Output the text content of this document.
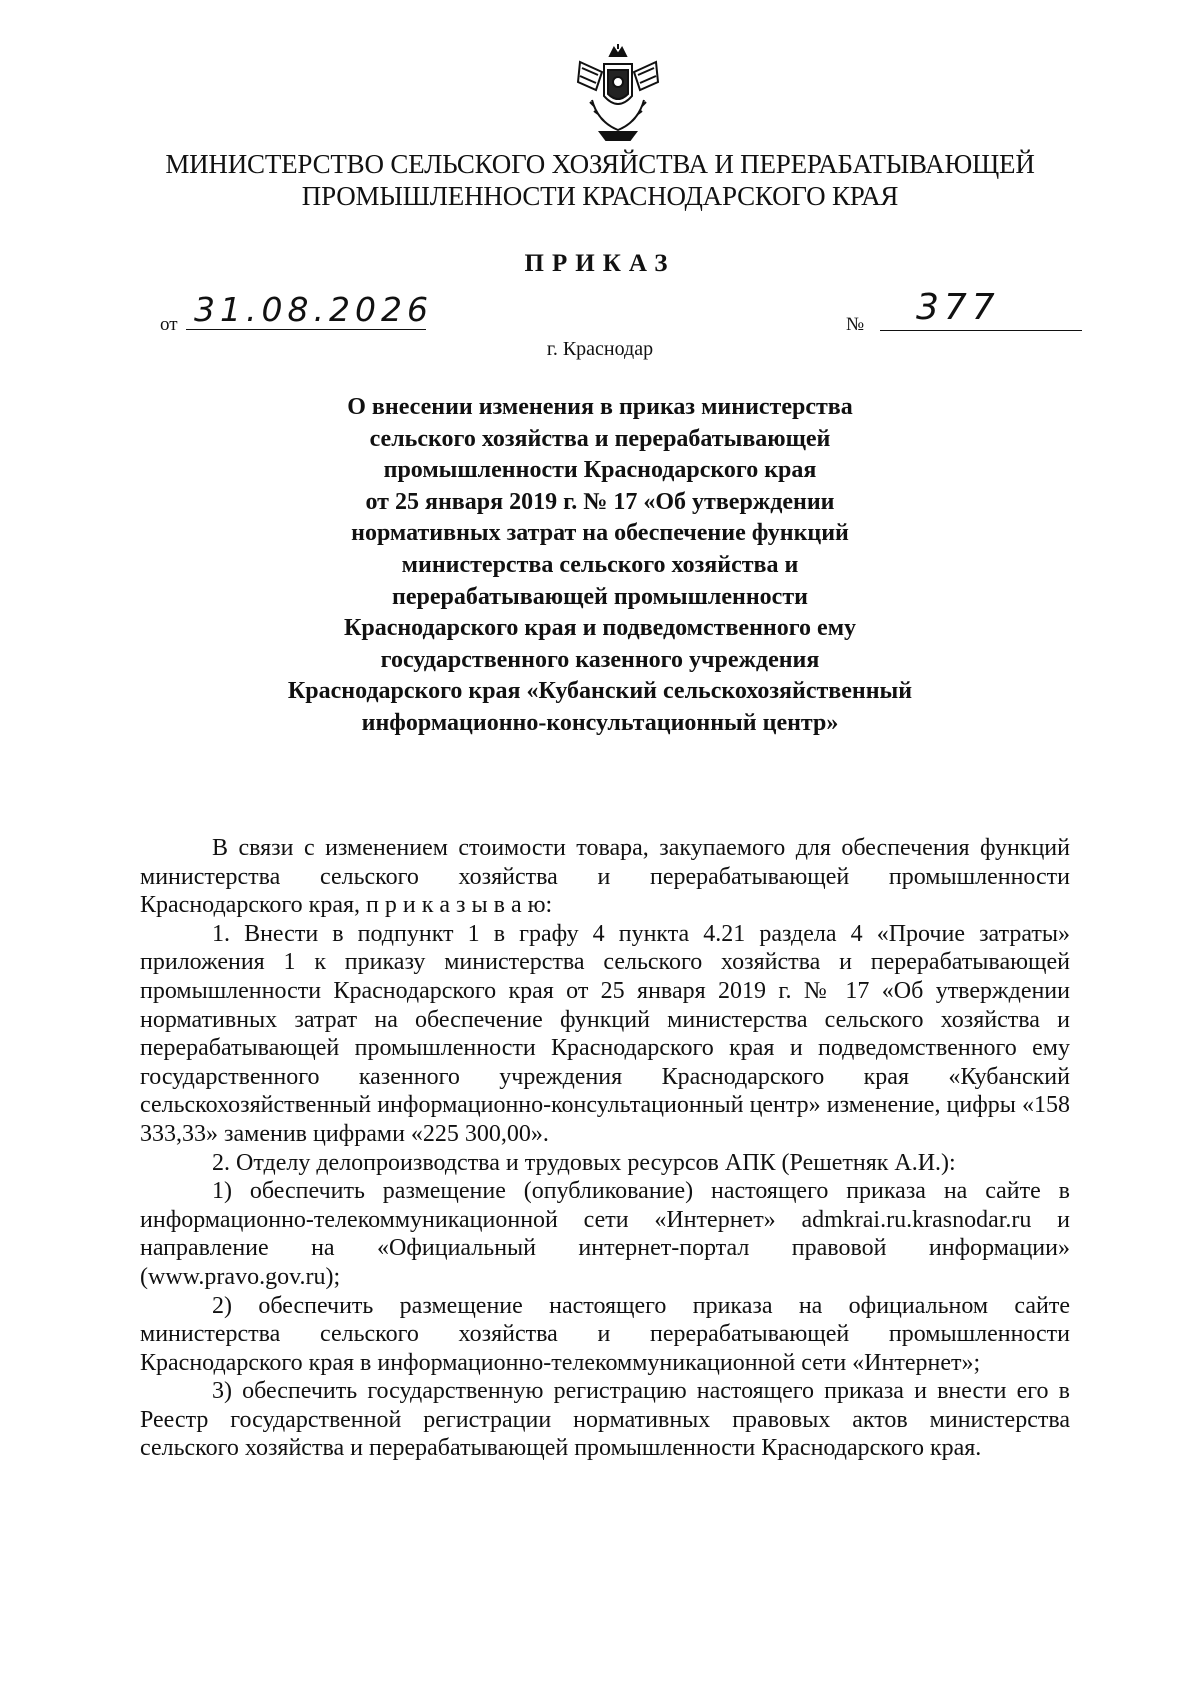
МИНИСТЕРСТВО СЕЛЬСКОГО ХОЗЯЙСТВА И ПЕРЕРАБАТЫВАЮЩЕЙ
ПРОМЫШЛЕННОСТИ КРАСНОДАРСКОГО КРАЯ
ПРИКАЗ
от 31.08.2026	№	377
г. Краснодар
О внесении изменения в приказ министерства
сельского хозяйства и перерабатывающей
промышленности Краснодарского края
от 25 января 2019 г. № 17 «Об утверждении
нормативных затрат на обеспечение функций
министерства сельского хозяйства и
перерабатывающей промышленности
Краснодарского края и подведомственного ему
государственного казенного учреждения
Краснодарского края «Кубанский сельскохозяйственный
информационно-консультационный центр»

В связи с изменением стоимости товара, закупаемого для обеспечения функций министерства сельского хозяйства и перерабатывающей промышленности Краснодарского края, п р и к а з ы в а ю:

1. Внести в подпункт 1 в графу 4 пункта 4.21 раздела 4 «Прочие затраты» приложения 1 к приказу министерства сельского хозяйства и перерабатывающей промышленности Краснодарского края от 25 января 2019 г. № 17 «Об утверждении нормативных затрат на обеспечение функций министерства сельского хозяйства и перерабатывающей промышленности Краснодарского края и подведомственного ему государственного казенного учреждения Краснодарского края «Кубанский сельскохозяйственный информационно-консультационный центр» изменение, цифры «158 333,33» заменив цифрами «225 300,00».

2. Отделу делопроизводства и трудовых ресурсов АПК (Решетняк А.И.):

1) обеспечить размещение (опубликование) настоящего приказа на сайте в информационно-телекоммуникационной сети «Интернет» admkrai.ru.krasnodar.ru и направление на «Официальный интернет-портал правовой информации» (www.pravo.gov.ru);

2) обеспечить размещение настоящего приказа на официальном сайте министерства сельского хозяйства и перерабатывающей промышленности Краснодарского края в информационно-телекоммуникационной сети «Интернет»;

3) обеспечить государственную регистрацию настоящего приказа и внести его в Реестр государственной регистрации нормативных правовых актов министерства сельского хозяйства и перерабатывающей промышленности Краснодарского края.
